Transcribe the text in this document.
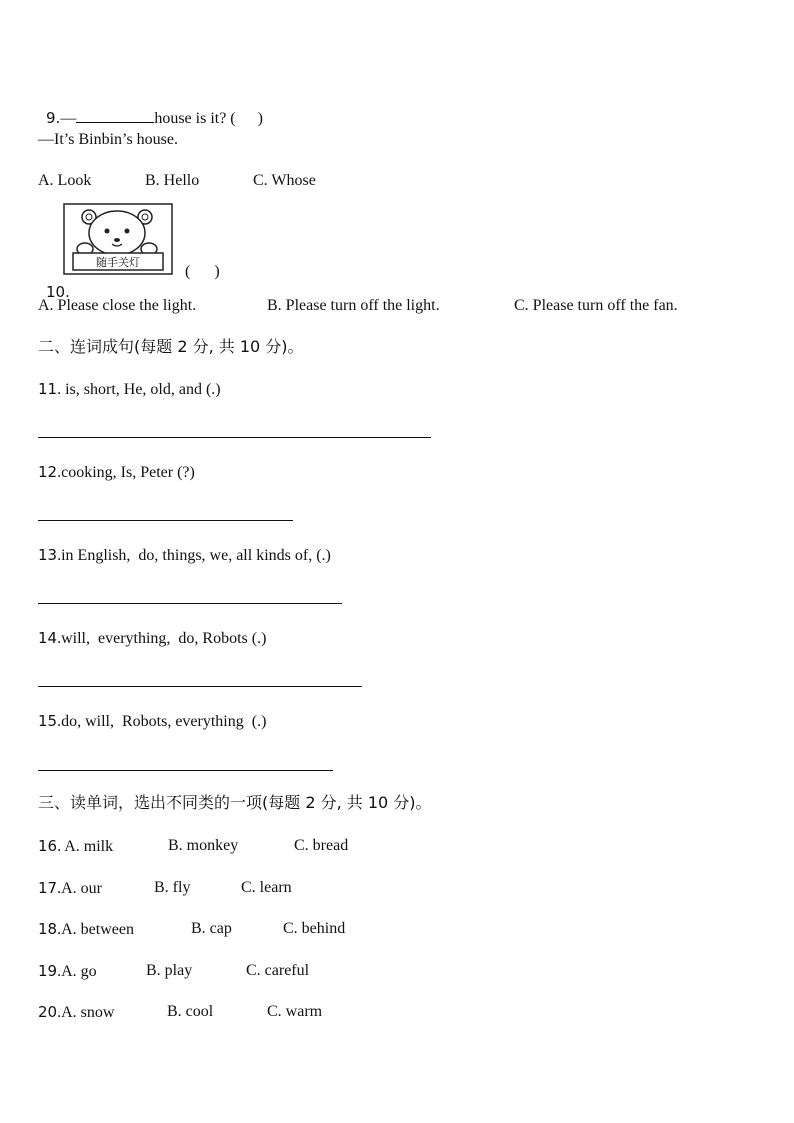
9.—	house is it? ( )

—It’s Binbin’s house.
A. Look	B. Hello	C. Whose

10.

随手关灯
(      )
A. Please close the light.	B. Please turn off the light.	C. Please turn off the fan.
二、连词成句(每题 2 分, 共 10 分)。
11. is, short, He, old, and (.)
12.cooking, Is, Peter (?)
13.in English,  do, things, we, all kinds of, (.)
14.will,  everything,  do, Robots (.)
15.do, will,  Robots, everything  (.)
三、读单词，选出不同类的一项(每题 2 分, 共 10 分)。
16. A. milk	B. monkey	C. bread
17.A. our	B. fly	C. learn
18.A. between	B. cap	C. behind
19.A. go	B. play	C. careful
20.A. snow	B. cool	C. warm
